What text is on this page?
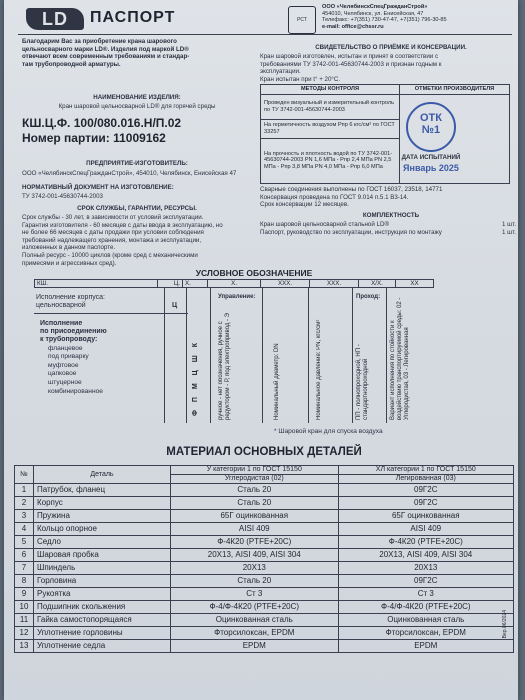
LD	ПАСПОРТ	РСТ
ООО «ЧелябинскСпецГражданСтрой»
454010, Челябинск, ул. Енисейская, 47
Телефакс: +7(351) 730-47-47, +7(351) 796-30-85
e-mail: office@chssr.ru
Благодарим Вас за приобретение крана шарового
цельносварного марки LD®. Изделия под маркой LD®
отвечают всем современным требованиям и стандар-
там трубопроводной арматуры.
НАИМЕНОВАНИЕ ИЗДЕЛИЯ:
Кран шаровой цельносварной LD® для горячей среды
КШ.Ц.Ф. 100/080.016.Н/П.02
Номер партии: 11009162
ПРЕДПРИЯТИЕ-ИЗГОТОВИТЕЛЬ:
ООО «ЧелябинскСпецГражданСтрой», 454010, Челябинск, Енисейская 47
НОРМАТИВНЫЙ ДОКУМЕНТ НА ИЗГОТОВЛЕНИЕ:
ТУ 3742-001-45630744-2003
СРОК СЛУЖБЫ, ГАРАНТИИ, РЕСУРСЫ.
Срок службы - 30 лет, в зависимости от условий эксплуатации.
Гарантия изготовителя - 60 месяцев с даты ввода в эксплуатацию, но
не более 66 месяцев с даты продажи при условии соблюдения
требований надлежащего хранения, монтажа и эксплуатации,
изложенных в данном паспорте.
Полный ресурс - 10000 циклов (кроме сред с механическими
примесями и агрессивных сред).
СВИДЕТЕЛЬСТВО О ПРИЁМКЕ И КОНСЕРВАЦИИ.
Кран шаровой изготовлен, испытан и принят в соответствии с
требованиями ТУ 3742-001-45630744-2003 и признан годным к
эксплуатации.
Кран испытан при t° + 20°С.
МЕТОДЫ КОНТРОЛЯ	ОТМЕТКИ ПРОИЗВОДИТЕЛЯ
Проведен визуальный и измерительный контроль по ТУ 3742-001-45630744-2003	
На герметичность воздухом Рпр 6 кгс/см² по ГОСТ 33257	
На прочность и плотность водой по ТУ 3742-001-45630744-2003 PN 1,6 МПа - Рпр 2,4 МПа PN 2,5 МПа - Рпр 3,8 МПа PN 4,0 МПа - Рпр 6,0 МПа	
ОТК
№1
ДАТА ИСПЫТАНИЙ
Январь 2025
Сварные соединения выполнены по ГОСТ 16037, 23518, 14771
Консервация проведена по ГОСТ 9.014 п.5.1 В3-14.
Срок консервации 12 месяцев.
КОМПЛЕКТНОСТЬ
Кран шаровой цельносварной стальной LD®	1 шт.
Паспорт, руководство по эксплуатации, инструкция по монтажу	1 шт.
УСЛОВНОЕ ОБОЗНАЧЕНИЕ
КШ.	Ц.	Х.	Х.	ХХХ.	ХХХ.	Х/Х.	ХХ
Исполнение корпуса:
цельносварной	Ц
Исполнение
по присоединению
к трубопроводу:
фланцевое
под приварку
муфтовое
цапковое
штуцерное
комбинированное	Ф П М Ц Ш К
Управление:
ручное - нет обозначения, ручное с редуктором - Р, под электропривод - Э	Номинальный диаметр: DN	Номинальное давление: PN, кгс/см²
Проход:
ПП - полнопроходной, НП - стандартнопроходной	Вариант исполнения по стойкости к воздействию транспортируемой среды: 02 - Углеродистая, 03 - Легированная
* Шаровой кран для спуска воздуха
МАТЕРИАЛ ОСНОВНЫХ ДЕТАЛЕЙ
№	Деталь	У категории 1 по ГОСТ 15150	ХЛ категории 1 по ГОСТ 15150
		Углеродистая (02)	Легированная (03)
1	Патрубок, фланец	Сталь 20	09Г2С
2	Корпус	Сталь 20	09Г2С
3	Пружина	65Г оцинкованная	65Г оцинкованная
4	Кольцо опорное	AISI 409	AISI 409
5	Седло	Ф-4К20 (PTFE+20C)	Ф-4К20 (PTFE+20C)
6	Шаровая пробка	20Х13, AISI 409, AISI 304	20Х13, AISI 409, AISI 304
7	Шпиндель	20Х13	20Х13
8	Горловина	Сталь 20	09Г2С
9	Рукоятка	Ст 3	Ст 3
10	Подшипник скольжения	Ф-4/Ф-4К20 (PTFE+20C)	Ф-4/Ф-4К20 (PTFE+20C)
11	Гайка самостопорящаяся	Оцинкованная сталь	Оцинкованная сталь
12	Уплотнение горловины	Фторсилоксан, EPDM	Фторсилоксан, EPDM
13	Уплотнение седла	EPDM	EPDM
Вер.06/2024
